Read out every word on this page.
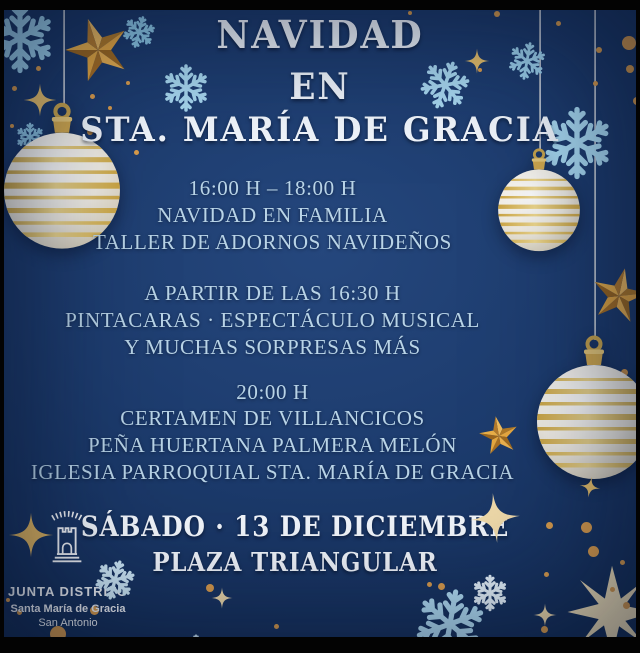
NAVIDAD
EN
STA. MARÍA DE GRACIA
16:00 H – 18:00 H
NAVIDAD EN FAMILIA
TALLER DE ADORNOS NAVIDEÑOS
A PARTIR DE LAS 16:30 H
PINTACARAS · ESPECTÁCULO MUSICAL
Y MUCHAS SORPRESAS MÁS
20:00 H
CERTAMEN DE VILLANCICOS
PEÑA HUERTANA PALMERA MELÓN
IGLESIA PARROQUIAL STA. MARÍA DE GRACIA
SÁBADO · 13 DE DICIEMBRE
PLAZA TRIANGULAR
JUNTA DISTRITO
Santa María de Gracia
San Antonio
